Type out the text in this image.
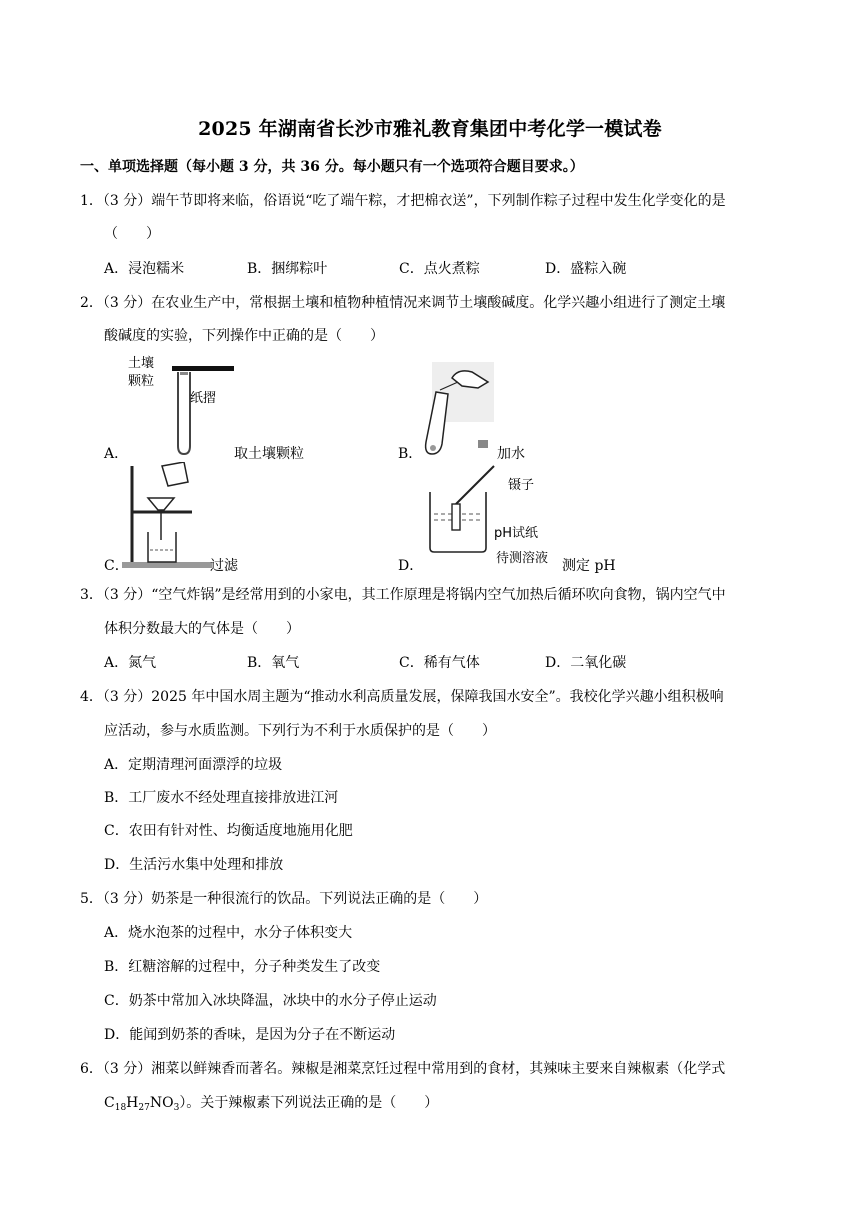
2025 年湖南省长沙市雅礼教育集团中考化学一模试卷
一、单项选择题（每小题 3 分，共 36 分。每小题只有一个选项符合题目要求。）
1．（3 分）端午节即将来临，俗语说“吃了端午粽，才把棉衣送”，下列制作粽子过程中发生化学变化的是
（　　）
A．浸泡糯米	B．捆绑粽叶	C．点火煮粽	D．盛粽入碗
2．（3 分）在农业生产中，常根据土壤和植物种植情况来调节土壤酸碱度。化学兴趣小组进行了测定土壤
酸碱度的实验，下列操作中正确的是（　　）
土壤
颗粒
纸摺
A．	取土壤颗粒	B．	加水
C．	过滤
镊子
pH试纸
待测溶液
D．	测定 pH
3．（3 分）“空气炸锅”是经常用到的小家电，其工作原理是将锅内空气加热后循环吹向食物，锅内空气中
体积分数最大的气体是（　　）
A．氮气	B．氧气	C．稀有气体	D．二氧化碳
4．（3 分）2025 年中国水周主题为“推动水利高质量发展，保障我国水安全”。我校化学兴趣小组积极响
应活动，参与水质监测。下列行为不利于水质保护的是（　　）
A．定期清理河面漂浮的垃圾
B．工厂废水不经处理直接排放进江河
C．农田有针对性、均衡适度地施用化肥
D．生活污水集中处理和排放
5．（3 分）奶茶是一种很流行的饮品。下列说法正确的是（　　）
A．烧水泡茶的过程中，水分子体积变大
B．红糖溶解的过程中，分子种类发生了改变
C．奶茶中常加入冰块降温，冰块中的水分子停止运动
D．能闻到奶茶的香味，是因为分子在不断运动
6．（3 分）湘菜以鲜辣香而著名。辣椒是湘菜烹饪过程中常用到的食材，其辣味主要来自辣椒素（化学式
$C_{18}H_{27}NO_3$）。关于辣椒素下列说法正确的是（　　）
